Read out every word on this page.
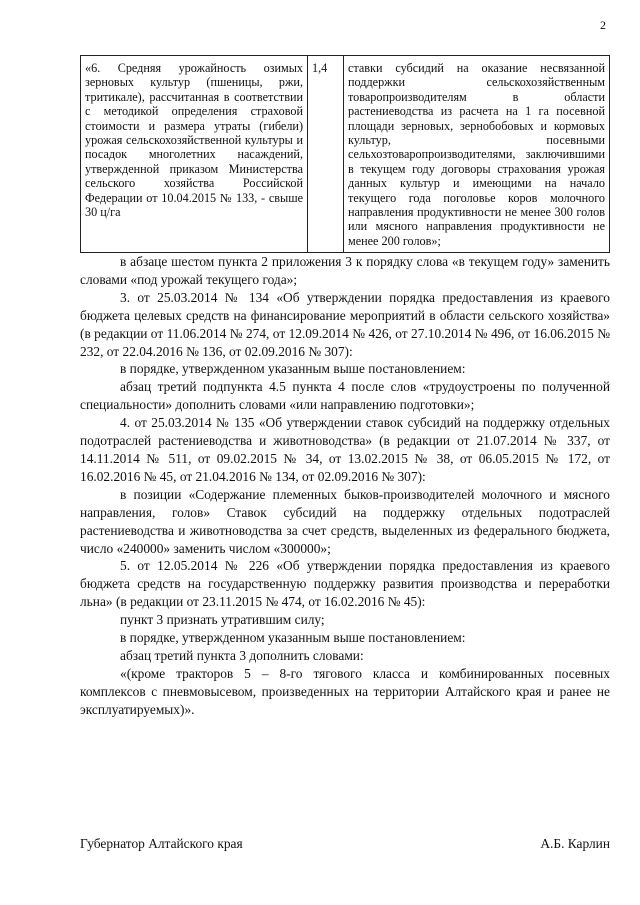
2
«6. Средняя урожайность озимых зерновых культур (пшеницы, ржи, тритикале), рассчитанная в соответствии с методикой определения страховой стоимости и размера утраты (гибели) урожая сельскохозяйственной культуры и посадок многолетних насаждений, утвержденной приказом Министерства сельского хозяйства Российской Федерации от 10.04.2015 № 133, - свыше 30 ц/га	1,4	ставки субсидий на оказание несвязанной поддержки сельскохозяйственным товаропроизводителям в области растениеводства из расчета на 1 га посевной площади зерновых, зернобобовых и кормовых культур, посевными сельхозтоваропроизводителями, заключившими в текущем году договоры страхования урожая данных культур и имеющими на начало текущего года поголовье коров молочного направления продуктивности не менее 300 голов или мясного направления продуктивности не менее 200 голов»;

в абзаце шестом пункта 2 приложения 3 к порядку слова «в текущем году» заменить словами «под урожай текущего года»;

3. от 25.03.2014 № 134 «Об утверждении порядка предоставления из краевого бюджета целевых средств на финансирование мероприятий в области сельского хозяйства» (в редакции от 11.06.2014 № 274, от 12.09.2014 № 426, от 27.10.2014 № 496, от 16.06.2015 № 232, от 22.04.2016 № 136, от 02.09.2016 № 307):

в порядке, утвержденном указанным выше постановлением:

абзац третий подпункта 4.5 пункта 4 после слов «трудоустроены по полученной специальности» дополнить словами «или направлению подготовки»;

4. от 25.03.2014 № 135 «Об утверждении ставок субсидий на поддержку отдельных подотраслей растениеводства и животноводства» (в редакции от 21.07.2014 № 337, от 14.11.2014 № 511, от 09.02.2015 № 34, от 13.02.2015 № 38, от 06.05.2015 № 172, от 16.02.2016 № 45, от 21.04.2016 № 134, от 02.09.2016 № 307):

в позиции «Содержание племенных быков-производителей молочного и мясного направления, голов» Ставок субсидий на поддержку отдельных подотраслей растениеводства и животноводства за счет средств, выделенных из федерального бюджета, число «240000» заменить числом «300000»;

5. от 12.05.2014 № 226 «Об утверждении порядка предоставления из краевого бюджета средств на государственную поддержку развития производства и переработки льна» (в редакции от 23.11.2015 № 474, от 16.02.2016 № 45):

пункт 3 признать утратившим силу;

в порядке, утвержденном указанным выше постановлением:

абзац третий пункта 3 дополнить словами:

«(кроме тракторов 5 – 8-го тягового класса и комбинированных посевных комплексов с пневмовысевом, произведенных на территории Алтайского края и ранее не эксплуатируемых)».

Губернатор Алтайского края	А.Б. Карлин
